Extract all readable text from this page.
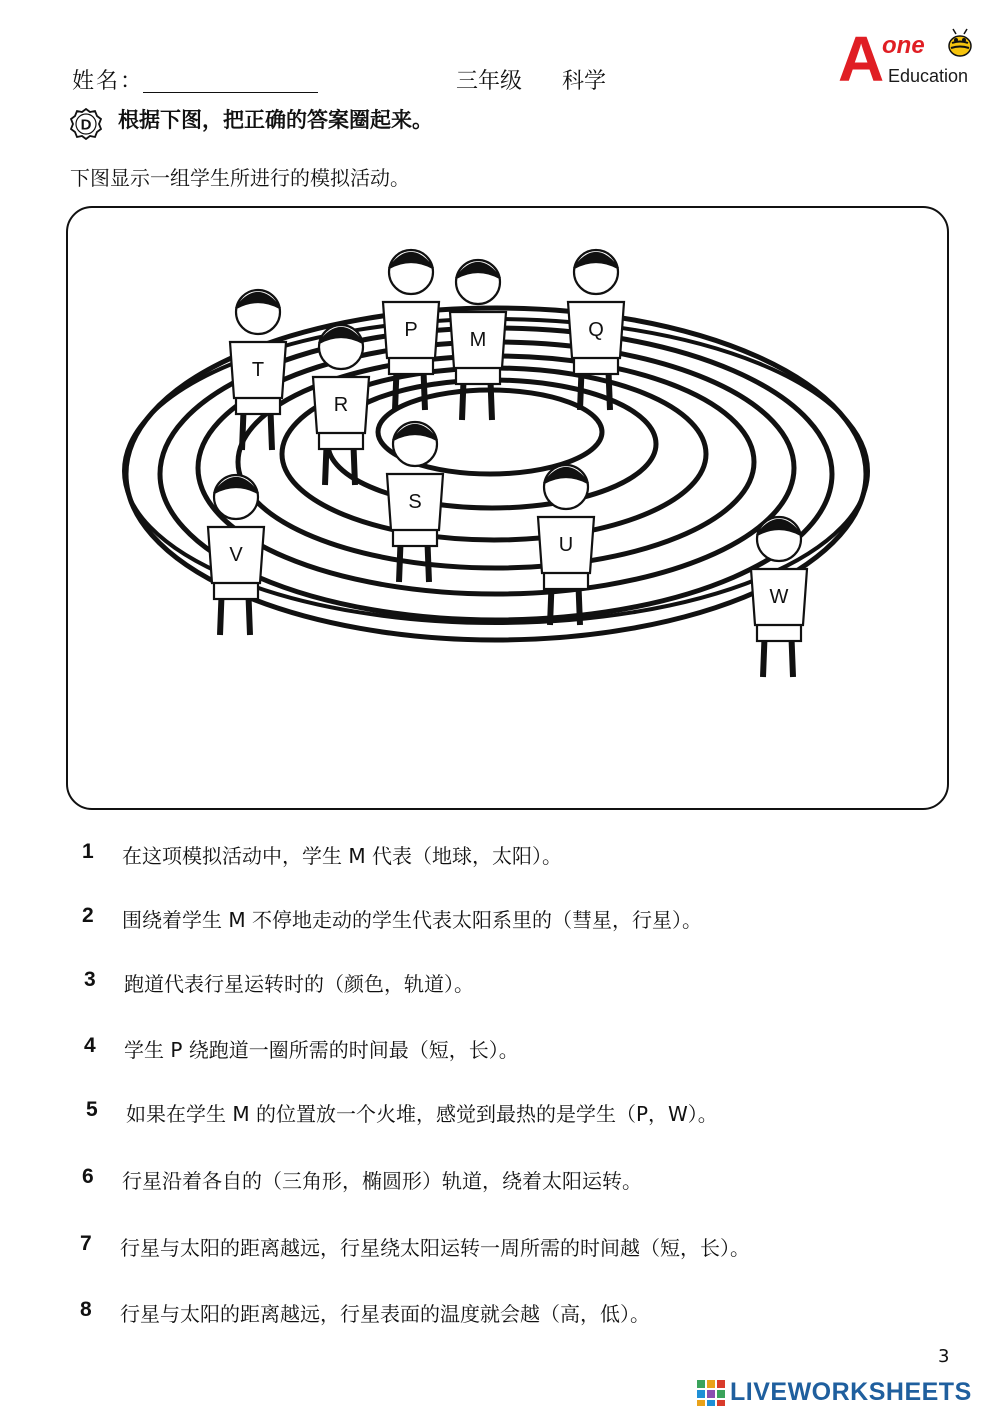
姓名：	三年级 科学	A
one
Education
D 根据下图，把正确的答案圈起来。
下图显示一组学生所进行的模拟活动。
P	M	Q
T
R
S
V	U
W
1 在这项模拟活动中，学生 M 代表（地球，太阳）。
2 围绕着学生 M 不停地走动的学生代表太阳系里的（彗星，行星）。
3 跑道代表行星运转时的（颜色，轨道）。
4 学生 P 绕跑道一圈所需的时间最（短，长）。
5 如果在学生 M 的位置放一个火堆，感觉到最热的是学生（P，W）。
6 行星沿着各自的（三角形，椭圆形）轨道，绕着太阳运转。
7 行星与太阳的距离越远，行星绕太阳运转一周所需的时间越（短，长）。
8 行星与太阳的距离越远，行星表面的温度就会越（高，低）。
3
LIVEWORKSHEETS
